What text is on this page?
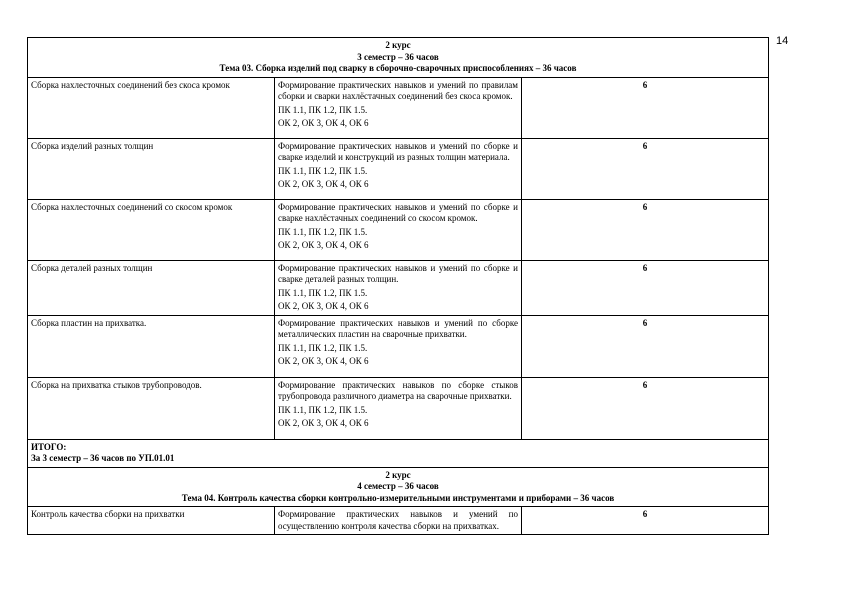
14
2 курс
3 семестр – 36 часов
Тема 03. Сборка изделий под сварку в сборочно-сварочных приспособлениях – 36 часов		

Сборка нахлесточных соединений без скоса кромок	Формирование практических навыков и умений по правилам сборки и сварки нахлёстачных соединений без скоса кромок.

ПК 1.1, ПК 1.2, ПК 1.5.

ОК 2, ОК 3, ОК 4, ОК 6	6
Сборка изделий разных толщин	Формирование практических навыков и умений по сборке и сварке изделий и конструкций из разных толщин материала.

ПК 1.1, ПК 1.2, ПК 1.5.

ОК 2, ОК 3, ОК 4, ОК 6	6
Сборка нахлесточных соединений со скосом кромок	Формирование практических навыков и умений по сборке и сварке нахлёстачных соединений со скосом кромок.

ПК 1.1, ПК 1.2, ПК 1.5.

ОК 2, ОК 3, ОК 4, ОК 6	6
Сборка деталей разных толщин	Формирование практических навыков и умений по сборке и сварке деталей разных толщин.

ПК 1.1, ПК 1.2, ПК 1.5.

ОК 2, ОК 3, ОК 4, ОК 6	6
Сборка пластин на прихватка.	Формирование практических навыков и умений по сборке металлических пластин на сварочные прихватки.

ПК 1.1, ПК 1.2, ПК 1.5.

ОК 2, ОК 3, ОК 4, ОК 6	6
Сборка на прихватка стыков трубопроводов.	Формирование практических навыков по сборке стыков трубопровода различного диаметра на сварочные прихватки.

ПК 1.1, ПК 1.2, ПК 1.5.

ОК 2, ОК 3, ОК 4, ОК 6	6

ИТОГО:
За 3 семестр – 36 часов по УП.01.01		

2 курс
4 семестр – 36 часов
Тема 04. Контроль качества сборки контрольно-измерительными инструментами и приборами – 36 часов		

Контроль качества сборки на прихватки	Формирование практических навыков и умений по осуществлению контроля качества сборки на прихватках.	6
